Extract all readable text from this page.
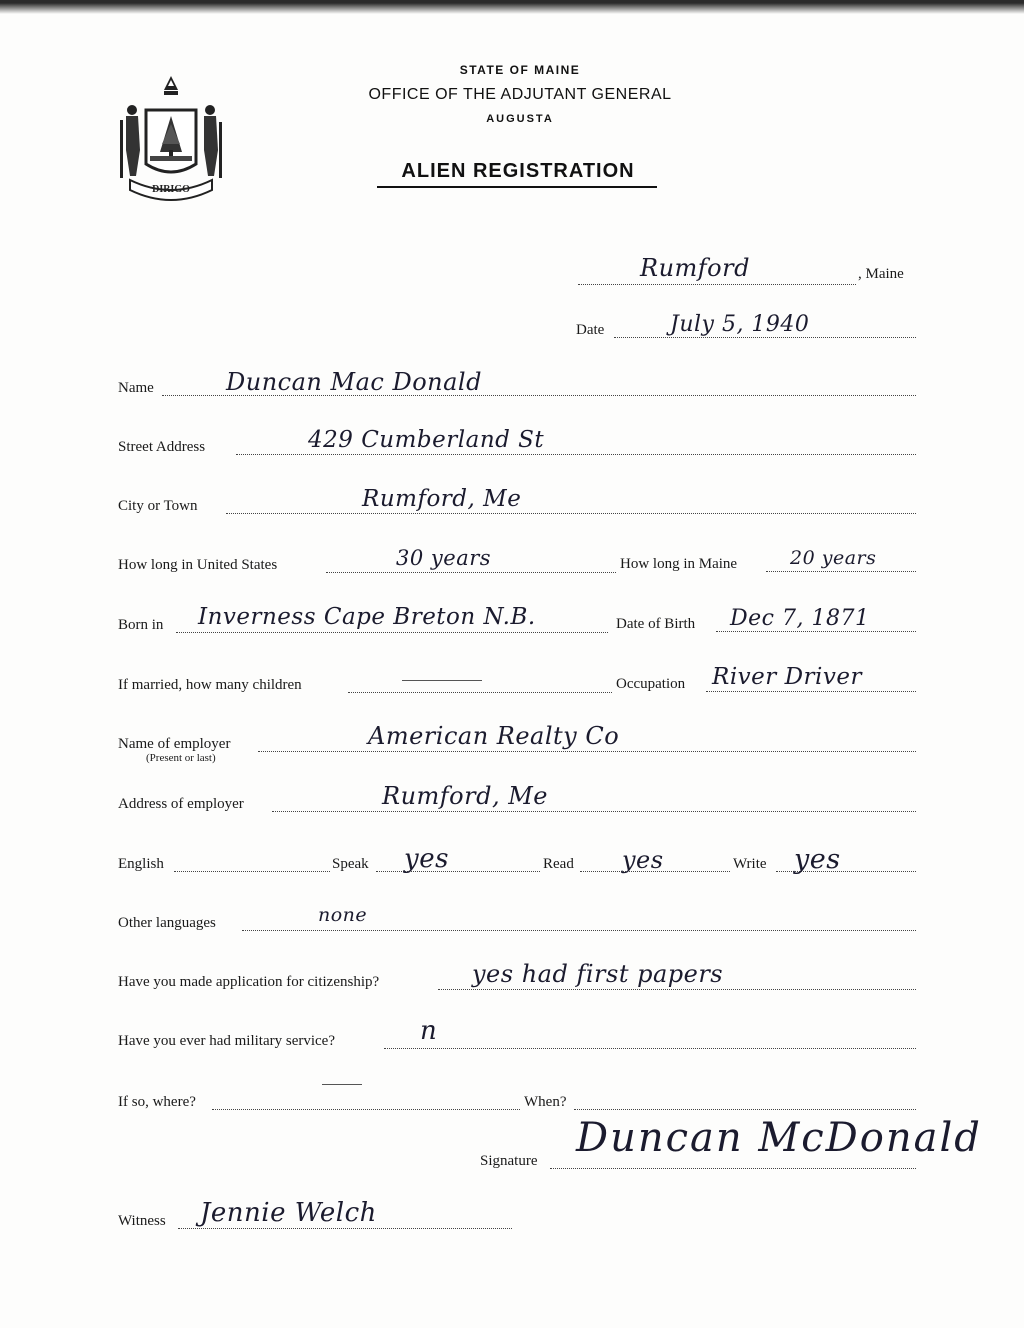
DIRIGO
STATE OF MAINE
OFFICE OF THE ADJUTANT GENERAL
AUGUSTA
ALIEN REGISTRATION
Rumford	, Maine
Date	July 5, 1940
Name	Duncan Mac Donald
Street Address	429 Cumberland St
City or Town	Rumford, Me
How long in United States	30 years	How long in Maine	20 years
Born in Inverness Cape Breton N.B.	Date of Birth Dec 7, 1871
If married, how many children	Occupation River Driver
Name of employer
(Present or last)
American Realty Co
Address of employer	Rumford, Me
English	Speak yes	Read yes	Write yes
Other languages	none
Have you made application for citizenship?	yes had first papers
Have you ever had military service?	n
If so, where?	When?
Signature Duncan McDonald
Witness Jennie Welch
